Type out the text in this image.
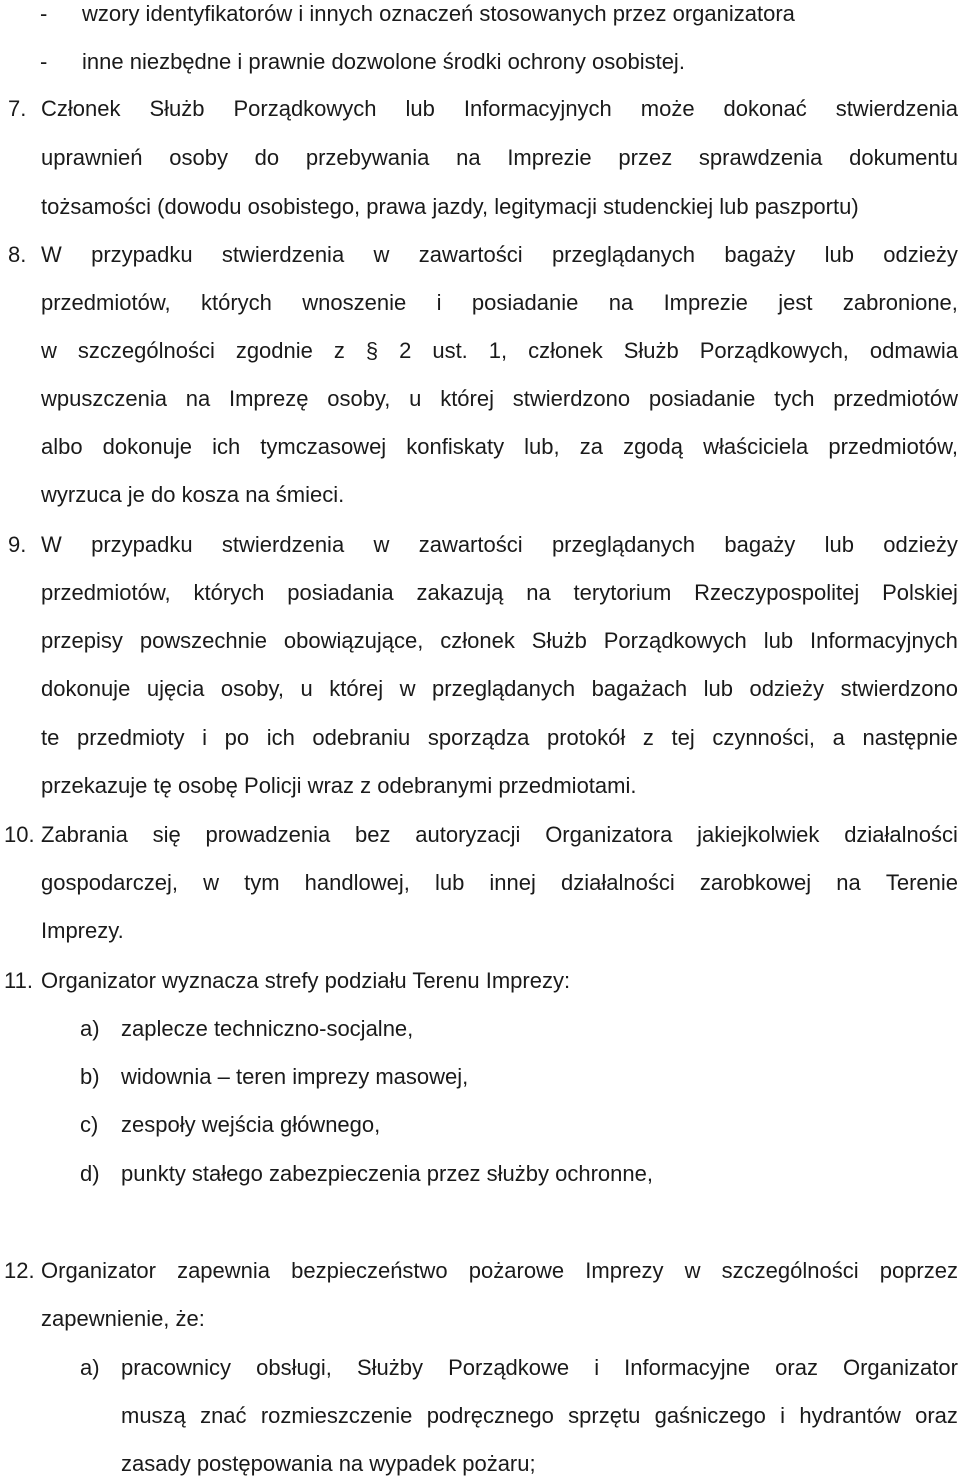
- wzory identyfikatorów i innych oznaczeń stosowanych przez organizatora
- inne niezbędne i prawnie dozwolone środki ochrony osobistej.
7. Członek Służb Porządkowych lub Informacyjnych może dokonać stwierdzenia
uprawnień osoby do przebywania na Imprezie przez sprawdzenia dokumentu
tożsamości (dowodu osobistego, prawa jazdy, legitymacji studenckiej lub paszportu)
8. W przypadku stwierdzenia w zawartości przeglądanych bagaży lub odzieży
przedmiotów, których wnoszenie i posiadanie na Imprezie jest zabronione,
w szczególności zgodnie z § 2 ust. 1, członek Służb Porządkowych, odmawia
wpuszczenia na Imprezę osoby, u której stwierdzono posiadanie tych przedmiotów
albo dokonuje ich tymczasowej konfiskaty lub, za zgodą właściciela przedmiotów,
wyrzuca je do kosza na śmieci.
9. W przypadku stwierdzenia w zawartości przeglądanych bagaży lub odzieży
przedmiotów, których posiadania zakazują na terytorium Rzeczypospolitej Polskiej
przepisy powszechnie obowiązujące, członek Służb Porządkowych lub Informacyjnych
dokonuje ujęcia osoby, u której w przeglądanych bagażach lub odzieży stwierdzono
te przedmioty i po ich odebraniu sporządza protokół z tej czynności, a następnie
przekazuje tę osobę Policji wraz z odebranymi przedmiotami.
10. Zabrania się prowadzenia bez autoryzacji Organizatora jakiejkolwiek działalności
gospodarczej, w tym handlowej, lub innej działalności zarobkowej na Terenie
Imprezy.
11. Organizator wyznacza strefy podziału Terenu Imprezy:
a) zaplecze techniczno-socjalne,
b) widownia – teren imprezy masowej,
c) zespoły wejścia głównego,
d) punkty stałego zabezpieczenia przez służby ochronne,
12. Organizator zapewnia bezpieczeństwo pożarowe Imprezy w szczególności poprzez
zapewnienie, że:
a) pracownicy obsługi, Służby Porządkowe i Informacyjne oraz Organizator
muszą znać rozmieszczenie podręcznego sprzętu gaśniczego i hydrantów oraz
zasady postępowania na wypadek pożaru;
